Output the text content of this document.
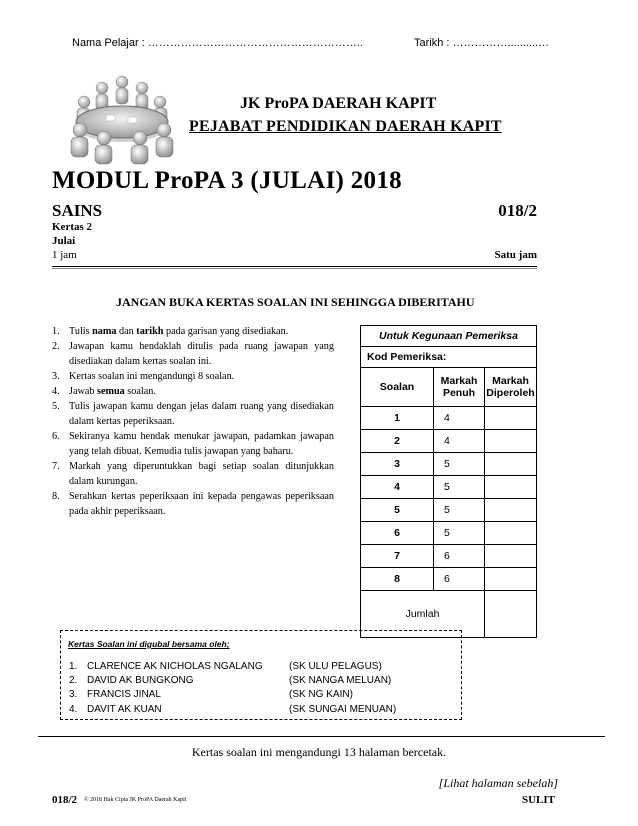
Nama Pelajar : …………………………………………………..	Tarikh : ……………..........…
JK ProPA DAERAH KAPIT
PEJABAT PENDIDIKAN DAERAH KAPIT
MODUL ProPA 3 (JULAI) 2018
SAINS	018/2
Kertas 2
Julai
1 jam	Satu jam
JANGAN BUKA KERTAS SOALAN INI SEHINGGA DIBERITAHU
1. Tulis nama dan tarikh pada garisan yang disediakan.
2. Jawapan kamu hendaklah ditulis pada ruang jawapan yang disediakan dalam kertas soalan ini.
3. Kertas soalan ini mengandungi 8 soalan.
4. Jawab semua soalan.
5. Tulis jawapan kamu dengan jelas dalam ruang yang disediakan dalam kertas peperiksaan.
6. Sekiranya kamu hendak menukar jawapan, padamkan jawapan yang telah dibuat. Kemudia tulis jawapan yang baharu.
7. Markah yang diperuntukkan bagi setiap soalan ditunjukkan dalam kurungan.
8. Serahkan kertas peperiksaan ini kepada pengawas peperiksaan pada akhir peperiksaan.
Untuk Kegunaan Pemeriksa		
Kod Pemeriksa:		
Soalan	Markah Penuh	Markah Diperoleh
1	4	
2	4	
3	5	
4	5	
5	5	
6	5	
7	6	
8	6	
Jumlah		
Kertas Soalan ini digubal bersama oleh;
1. CLARENCE AK NICHOLAS NGALANG	(SK ULU PELAGUS)
2. DAVID AK BUNGKONG	(SK NANGA MELUAN)
3. FRANCIS JINAL	(SK NG KAIN)
4. DAVIT AK KUAN	(SK SUNGAI MENUAN)
Kertas soalan ini mengandungi 13 halaman bercetak.
[Lihat halaman sebelah]
018/2 © 2018 Hak Cipta JK ProPA Daerah Kapit	SULIT
